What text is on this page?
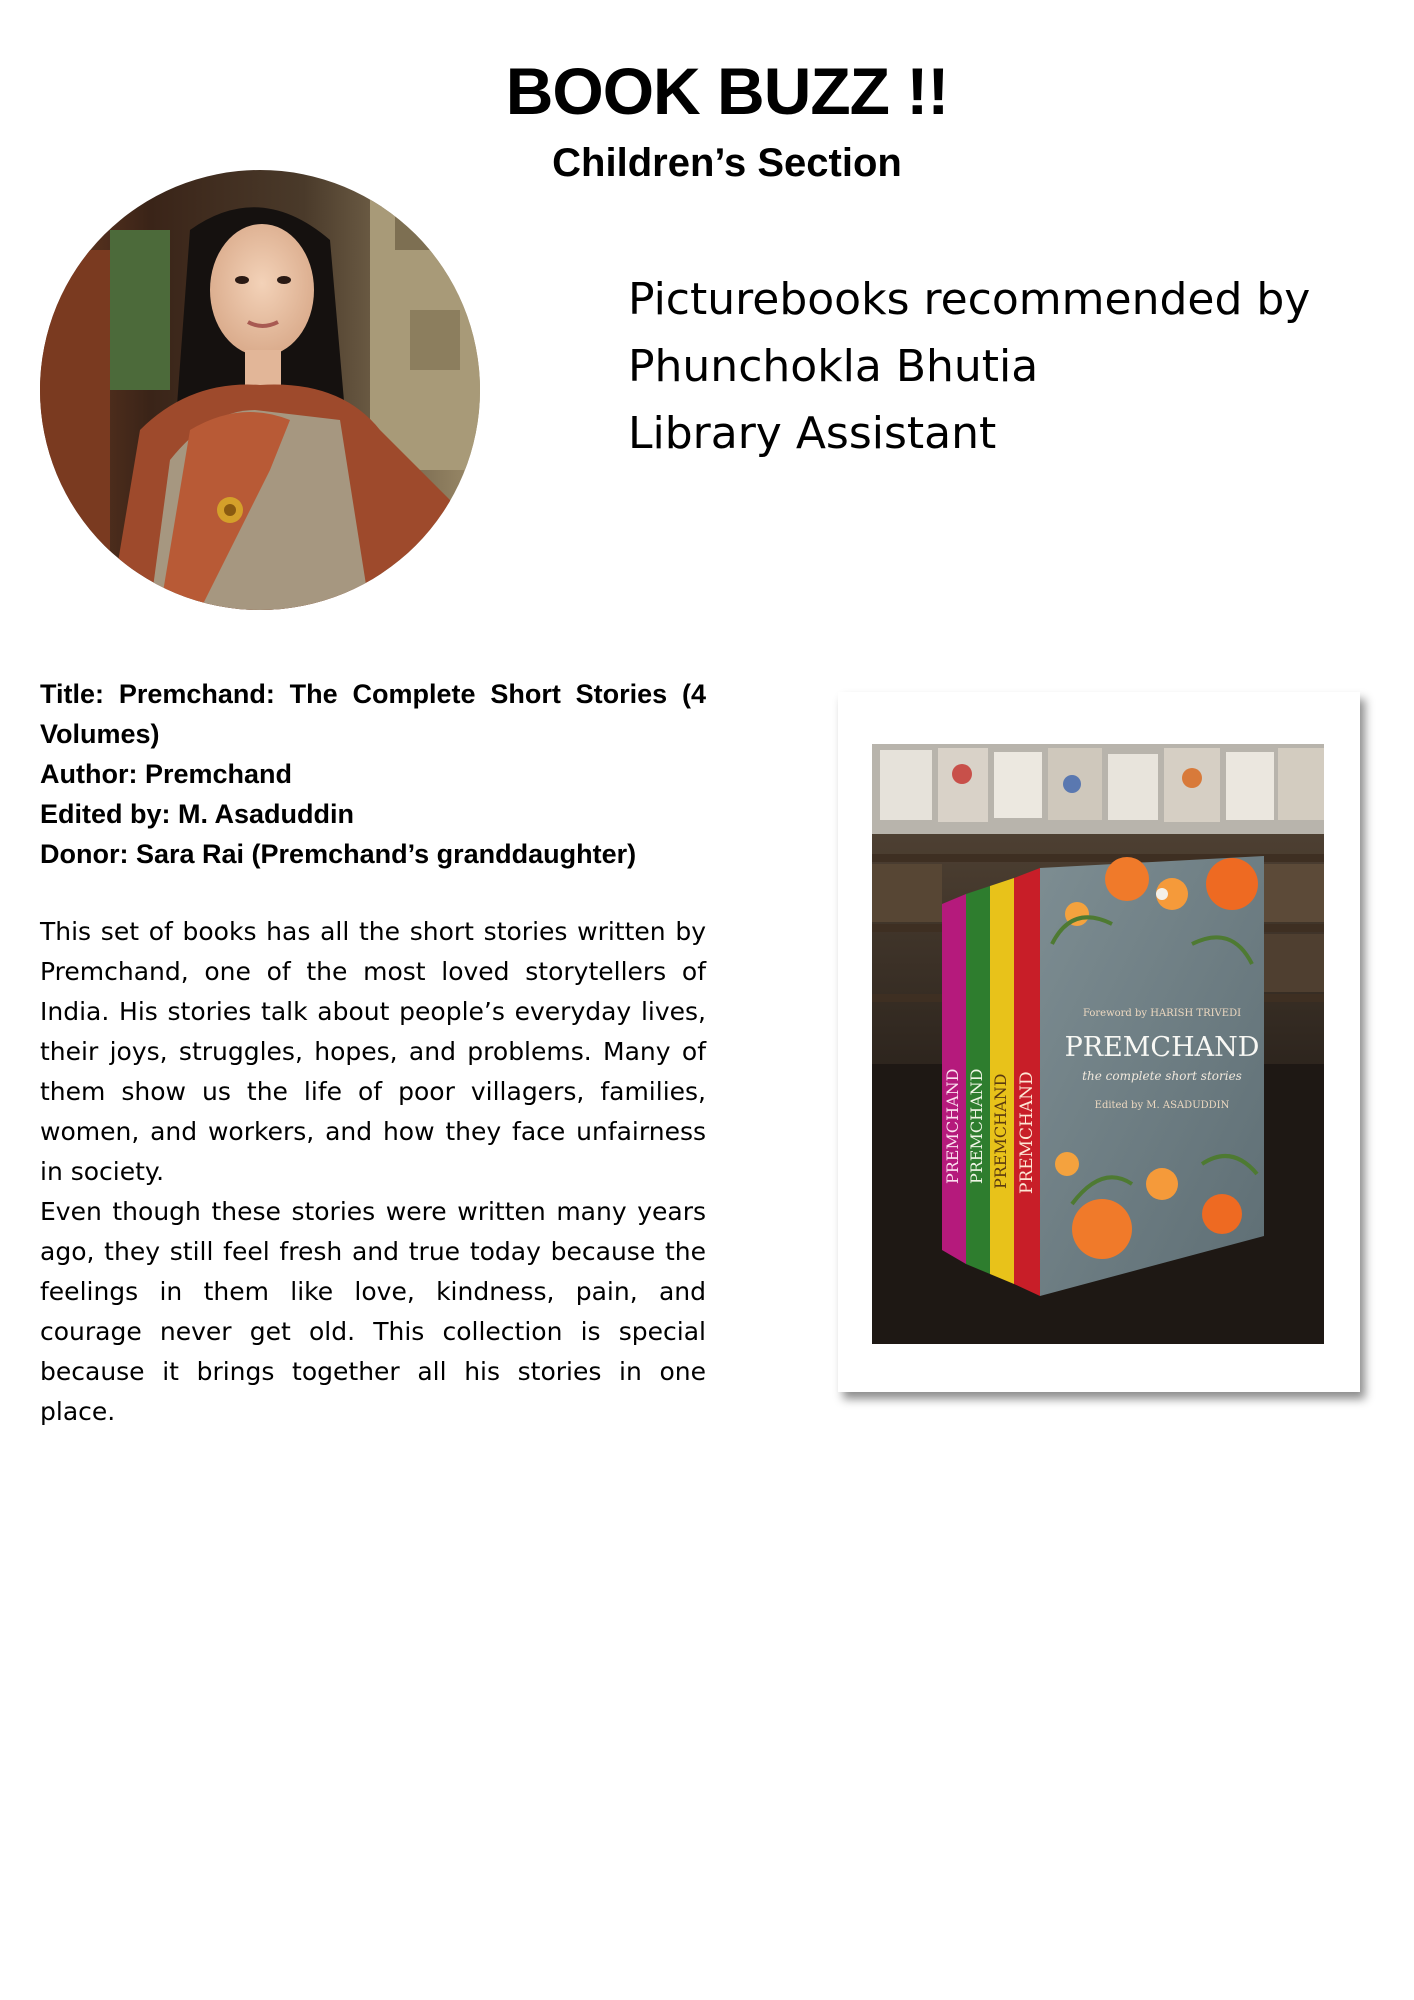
BOOK BUZZ !!
Children’s Section
Picturebooks recommended by
Phunchokla Bhutia
Library Assistant
Title: Premchand: The Complete Short Stories (4 Volumes)
Author: Premchand
Edited by: M. Asaduddin
Donor: Sara Rai (Premchand’s granddaughter)

This set of books has all the short stories written by Premchand, one of the most loved storytellers of India. His stories talk about people’s everyday lives, their joys, struggles, hopes, and problems. Many of them show us the life of poor villagers, families, women, and workers, and how they face unfairness in society.

Even though these stories were written many years ago, they still feel fresh and true today because the feelings in them like love, kindness, pain, and courage never get old. This collection is special because it brings together all his stories in one place.

PREMCHAND PREMCHAND PREMCHAND PREMCHAND
Foreword by HARISH TRIVEDI
PREMCHAND
the complete short stories
Edited by M. ASADUDDIN
